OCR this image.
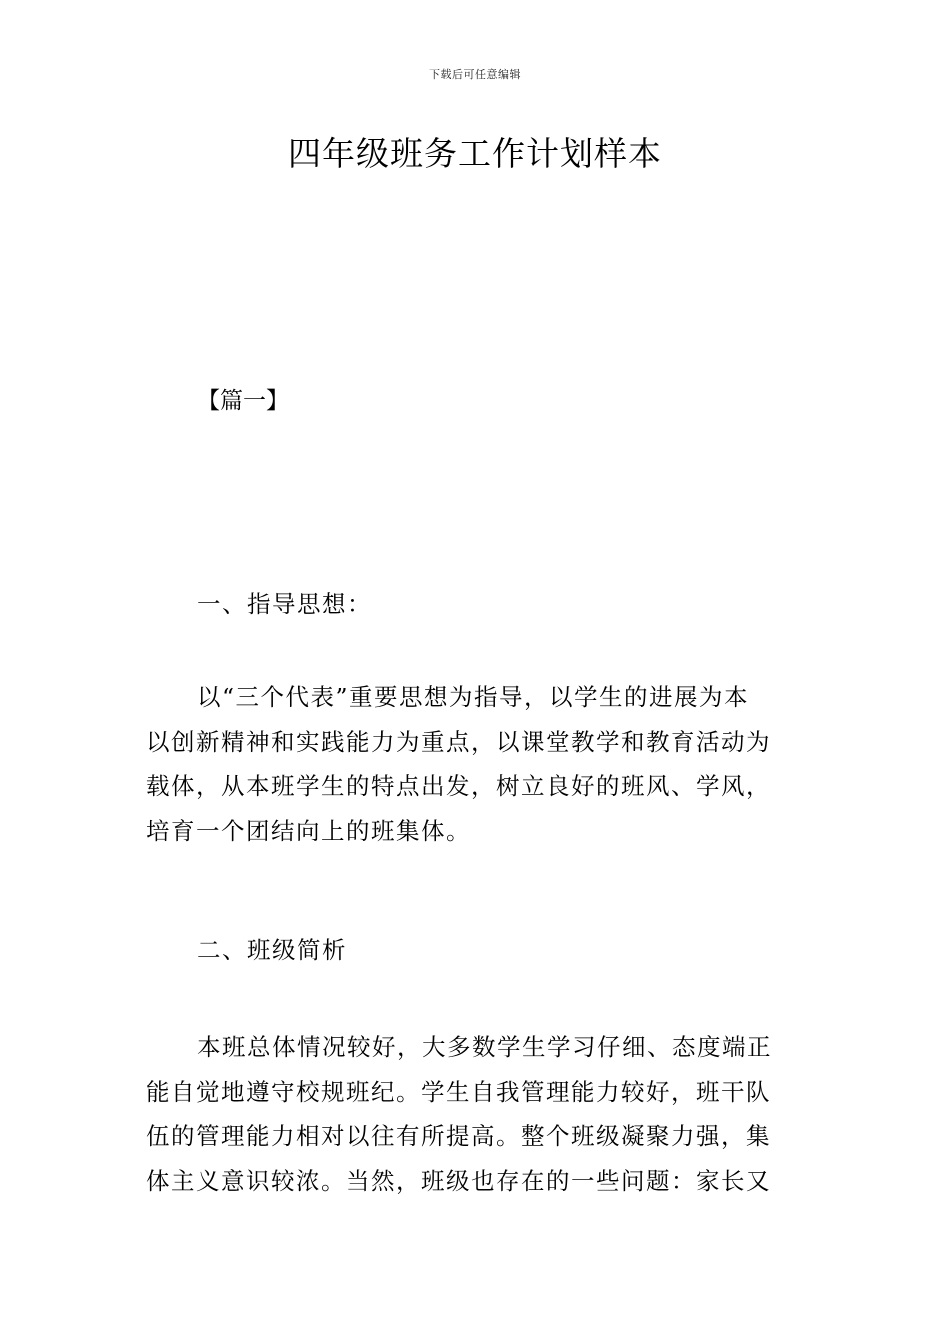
下载后可任意编辑
四年级班务工作计划样本
【篇一】
一、指导思想：
以“三个代表”重要思想为指导，以学生的进展为本
以创新精神和实践能力为重点，以课堂教学和教育活动为
载体，从本班学生的特点出发，树立良好的班风、学风，
培育一个团结向上的班集体。
二、班级简析
本班总体情况较好，大多数学生学习仔细、态度端正
能自觉地遵守校规班纪。学生自我管理能力较好，班干队
伍的管理能力相对以往有所提高。整个班级凝聚力强，集
体主义意识较浓。当然，班级也存在的一些问题：家长又
